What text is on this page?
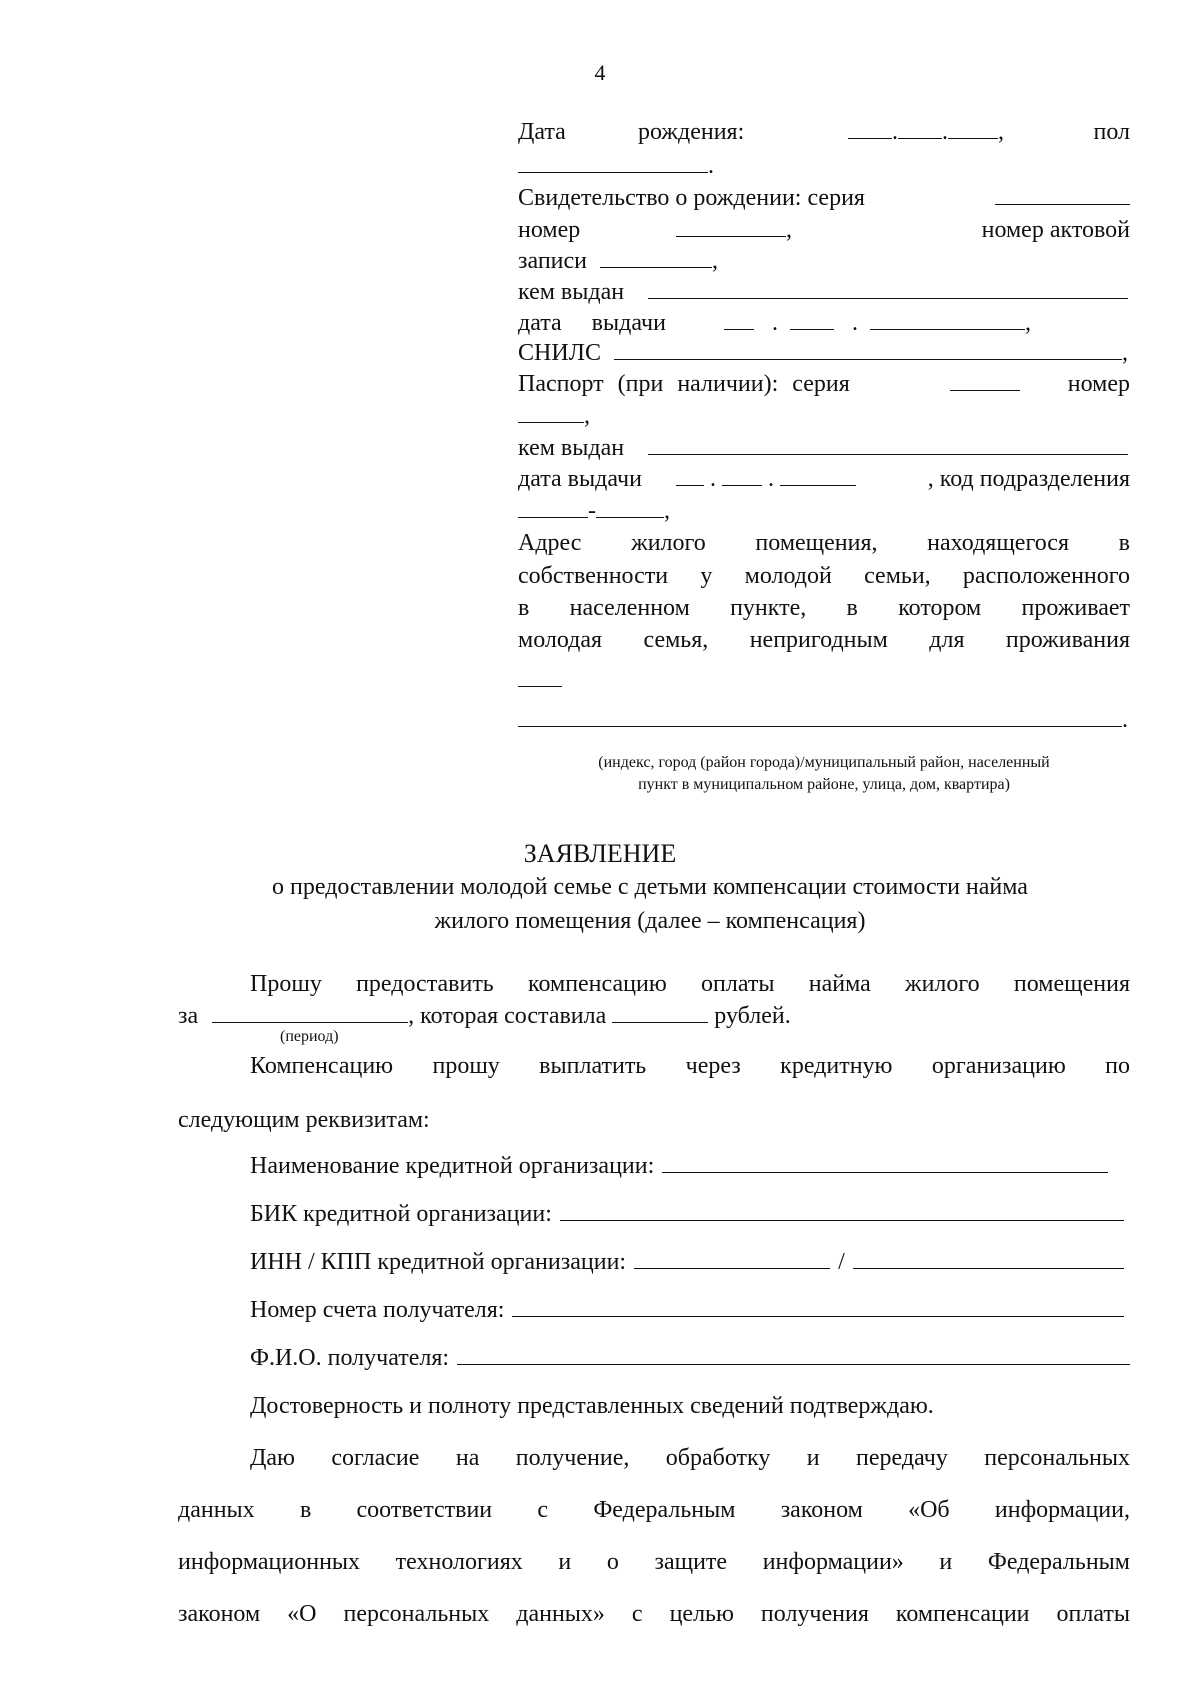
4
Дата	рождения:	. . ,	пол
.
Свидетельство о рождении: серия
номер	,	номер актовой
записи	,
кем выдан
дата выдачи	.     .	,
СНИЛС	,
Паспорт (при наличии): серия	номер
,
кем выдан
дата выдачи	.  .	, код подразделения
-	,
Адрес жилого помещения, находящегося в
собственности у молодой семьи, расположенного
в населенном пункте, в котором проживает
молодая семья, непригодным для проживания
.
(индекс, город (район города)/муниципальный район, населенный
пункт в муниципальном районе, улица, дом, квартира)
ЗАЯВЛЕНИЕ
о предоставлении молодой семье с детьми компенсации стоимости найма
жилого помещения (далее – компенсация)
Прошу предоставить компенсацию оплаты найма жилого помещения
за	, которая составила	рублей.
(период)
Компенсацию прошу выплатить через кредитную организацию по
следующим реквизитам:
Наименование кредитной организации:
БИК кредитной организации:
ИНН / КПП кредитной организации:	/
Номер счета получателя:
Ф.И.О. получателя:
Достоверность и полноту представленных сведений подтверждаю.
Даю согласие на получение, обработку и передачу персональных
данных в соответствии с Федеральным законом «Об информации,
информационных технологиях и о защите информации» и Федеральным
законом «О персональных данных» с целью получения компенсации оплаты
